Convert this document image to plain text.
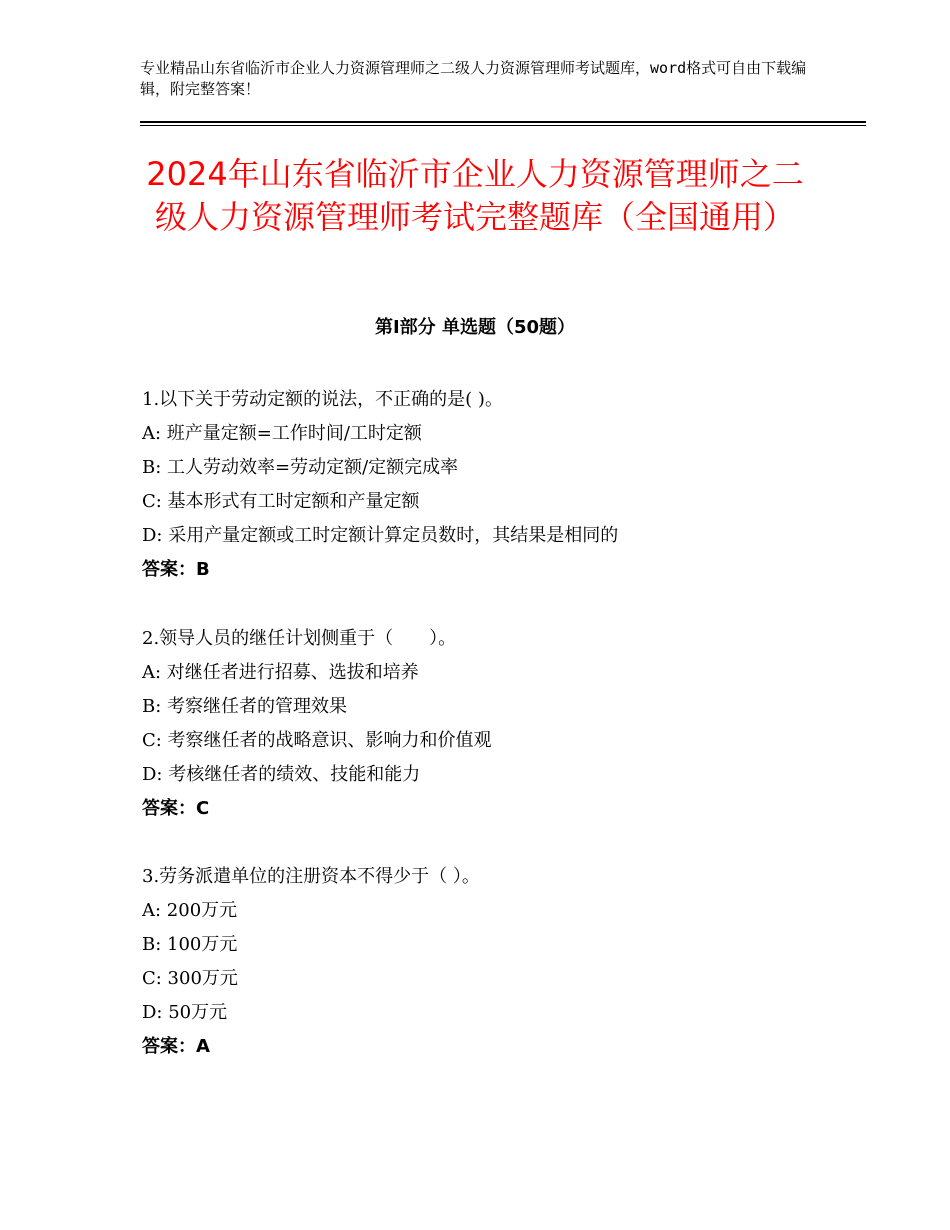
专业精品山东省临沂市企业人力资源管理师之二级人力资源管理师考试题库，word格式可自由下载编辑，附完整答案！
2024年山东省临沂市企业人力资源管理师之二级人力资源管理师考试完整题库（全国通用）
第Ⅰ部分 单选题（50题）
1.以下关于劳动定额的说法，不正确的是( )。
A: 班产量定额=工作时间/工时定额
B: 工人劳动效率=劳动定额/定额完成率
C: 基本形式有工时定额和产量定额
D: 采用产量定额或工时定额计算定员数时，其结果是相同的
答案：B
2.领导人员的继任计划侧重于（　　）。
A: 对继任者进行招募、选拔和培养
B: 考察继任者的管理效果
C: 考察继任者的战略意识、影响力和价值观
D: 考核继任者的绩效、技能和能力
答案：C
3.劳务派遣单位的注册资本不得少于（ ）。
A: 200万元
B: 100万元
C: 300万元
D: 50万元
答案：A
